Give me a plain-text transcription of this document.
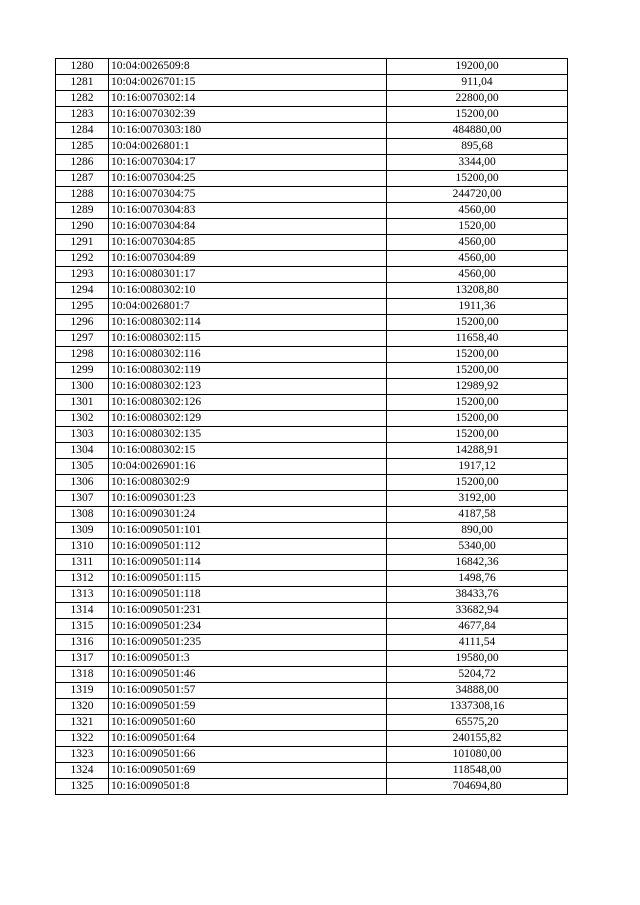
1280	10:04:0026509:8	19200,00
1281	10:04:0026701:15	911,04
1282	10:16:0070302:14	22800,00
1283	10:16:0070302:39	15200,00
1284	10:16:0070303:180	484880,00
1285	10:04:0026801:1	895,68
1286	10:16:0070304:17	3344,00
1287	10:16:0070304:25	15200,00
1288	10:16:0070304:75	244720,00
1289	10:16:0070304:83	4560,00
1290	10:16:0070304:84	1520,00
1291	10:16:0070304:85	4560,00
1292	10:16:0070304:89	4560,00
1293	10:16:0080301:17	4560,00
1294	10:16:0080302:10	13208,80
1295	10:04:0026801:7	1911,36
1296	10:16:0080302:114	15200,00
1297	10:16:0080302:115	11658,40
1298	10:16:0080302:116	15200,00
1299	10:16:0080302:119	15200,00
1300	10:16:0080302:123	12989,92
1301	10:16:0080302:126	15200,00
1302	10:16:0080302:129	15200,00
1303	10:16:0080302:135	15200,00
1304	10:16:0080302:15	14288,91
1305	10:04:0026901:16	1917,12
1306	10:16:0080302:9	15200,00
1307	10:16:0090301:23	3192,00
1308	10:16:0090301:24	4187,58
1309	10:16:0090501:101	890,00
1310	10:16:0090501:112	5340,00
1311	10:16:0090501:114	16842,36
1312	10:16:0090501:115	1498,76
1313	10:16:0090501:118	38433,76
1314	10:16:0090501:231	33682,94
1315	10:16:0090501:234	4677,84
1316	10:16:0090501:235	4111,54
1317	10:16:0090501:3	19580,00
1318	10:16:0090501:46	5204,72
1319	10:16:0090501:57	34888,00
1320	10:16:0090501:59	1337308,16
1321	10:16:0090501:60	65575,20
1322	10:16:0090501:64	240155,82
1323	10:16:0090501:66	101080,00
1324	10:16:0090501:69	118548,00
1325	10:16:0090501:8	704694,80
